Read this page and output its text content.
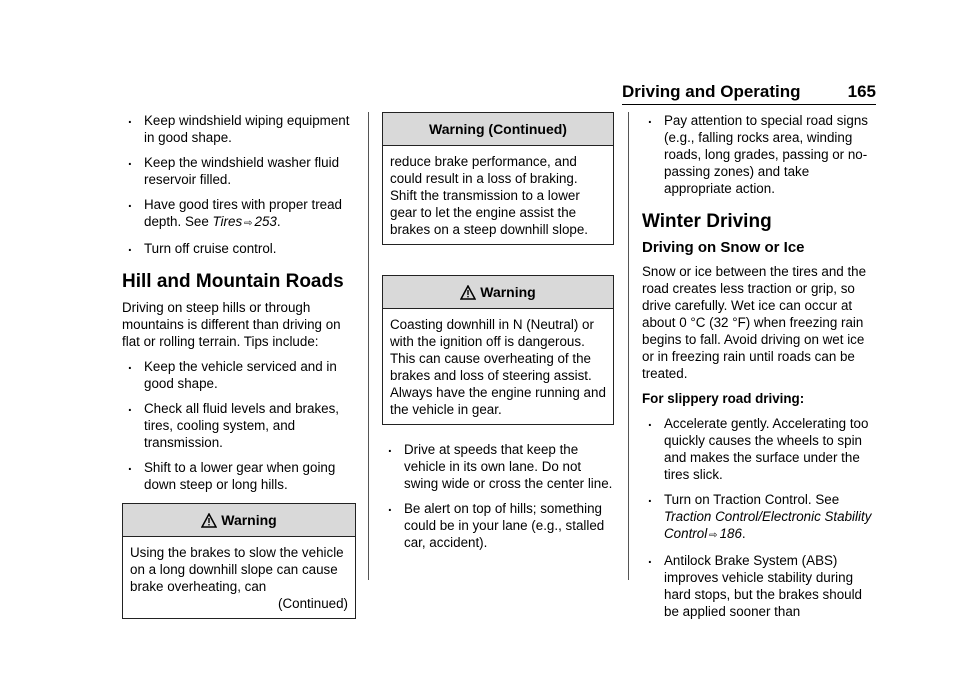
Driving and Operating	165
. Keep windshield wiping equipment in good shape.
. Keep the windshield washer fluid reservoir filled.
. Have good tires with proper tread depth. See Tires ⇨ 253.
. Turn off cruise control.
Hill and Mountain Roads

Driving on steep hills or through mountains is different than driving on flat or rolling terrain. Tips include:

. Keep the vehicle serviced and in good shape.
. Check all fluid levels and brakes, tires, cooling system, and transmission.
. Shift to a lower gear when going down steep or long hills.
Warning
Using the brakes to slow the vehicle on a long downhill slope can cause brake overheating, can
(Continued)
Warning (Continued)
reduce brake performance, and could result in a loss of braking. Shift the transmission to a lower gear to let the engine assist the brakes on a steep downhill slope.
Warning
Coasting downhill in N (Neutral) or with the ignition off is dangerous. This can cause overheating of the brakes and loss of steering assist. Always have the engine running and the vehicle in gear.
. Drive at speeds that keep the vehicle in its own lane. Do not swing wide or cross the center line.
. Be alert on top of hills; something could be in your lane (e.g., stalled car, accident).
. Pay attention to special road signs (e.g., falling rocks area, winding roads, long grades, passing or no-passing zones) and take appropriate action.
Winter Driving
Driving on Snow or Ice

Snow or ice between the tires and the road creates less traction or grip, so drive carefully. Wet ice can occur at about 0 °C (32 °F) when freezing rain begins to fall. Avoid driving on wet ice or in freezing rain until roads can be treated.

For slippery road driving:

. Accelerate gently. Accelerating too quickly causes the wheels to spin and makes the surface under the tires slick.
. Turn on Traction Control. See Traction Control/Electronic Stability Control ⇨ 186.
. Antilock Brake System (ABS) improves vehicle stability during hard stops, but the brakes should be applied sooner than
